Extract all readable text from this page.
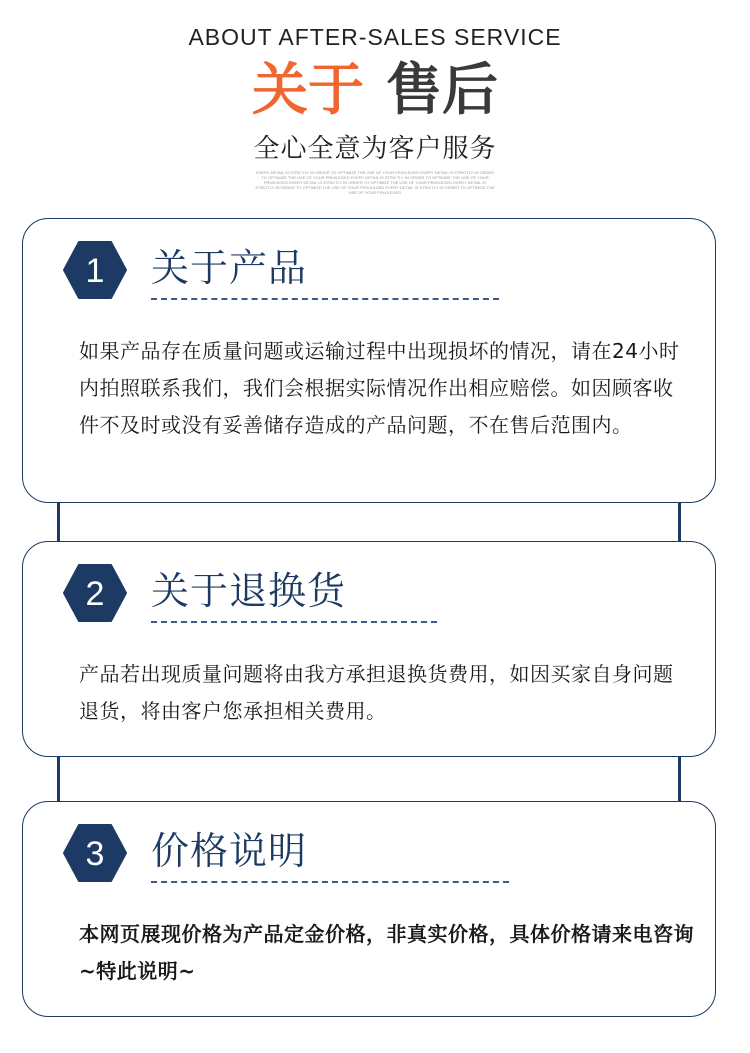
ABOUT AFTER-SALES SERVICE
关于 售后
全心全意为客户服务
EVERY DETAIL IS STRICTLY IN ORDER TO OPTIMIZE THE USE OF YOUR PRIVILEGED EVERY DETAIL IS STRICTLY IN ORDER TO OPTIMIZE THE USE OF YOUR PRIVILEGED EVERY DETAIL IS STRICTLY IN ORDER TO OPTIMIZE THE USE OF YOUR PRIVILEGED EVERY DETAIL IS STRICTLY IN ORDER TO OPTIMIZE THE USE OF YOUR PRIVILEGED EVERY DETAIL IS STRICTLY IN ORDER TO OPTIMIZE THE USE OF YOUR PRIVILEGED EVERY DETAIL IS STRICTLY IN ORDER TO OPTIMIZE THE USE OF YOUR PRIVILEGED
1 关于产品
如果产品存在质量问题或运输过程中出现损坏的情况，请在24小时内拍照联系我们，我们会根据实际情况作出相应赔偿。如因顾客收件不及时或没有妥善储存造成的产品问题，不在售后范围内。
2 关于退换货
产品若出现质量问题将由我方承担退换货费用，如因买家自身问题退货，将由客户您承担相关费用。
3 价格说明
本网页展现价格为产品定金价格，非真实价格，具体价格请来电咨询~特此说明~
